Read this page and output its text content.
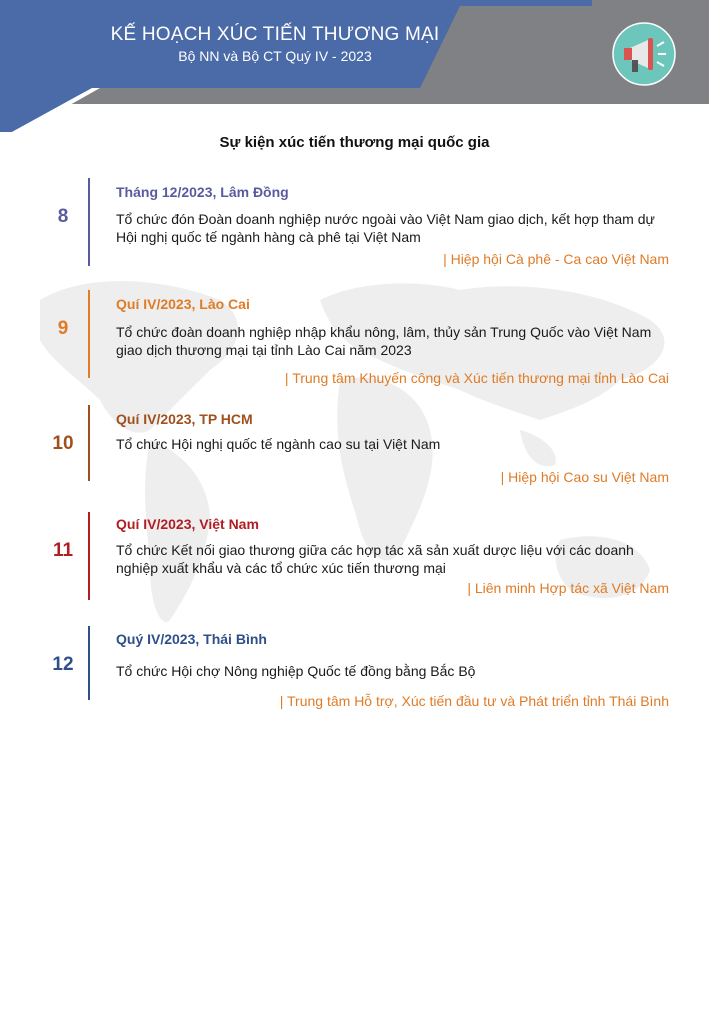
KẾ HOẠCH XÚC TIẾN THƯƠNG MẠI
Bộ NN và Bộ CT Quý IV - 2023
Sự kiện xúc tiến thương mại quốc gia
8
Tháng 12/2023, Lâm Đồng
Tổ chức đón Đoàn doanh nghiệp nước ngoài vào Việt Nam giao dịch, kết hợp tham dự Hội nghị quốc tế ngành hàng cà phê tại Việt Nam
| Hiệp hội Cà phê - Ca cao Việt Nam
9
Quí IV/2023, Lào Cai
Tổ chức đoàn doanh nghiệp nhập khẩu nông, lâm, thủy sản Trung Quốc vào Việt Nam giao dịch thương mại tại tỉnh Lào Cai năm 2023
| Trung tâm Khuyến công và Xúc tiến thương mại tỉnh Lào Cai
10
Quí IV/2023, TP HCM
Tổ chức Hội nghị quốc tế ngành cao su tại Việt Nam
| Hiệp hội Cao su Việt Nam
11
Quí IV/2023, Việt Nam
Tổ chức Kết nối giao thương giữa các hợp tác xã sản xuất dược liệu với các doanh nghiệp xuất khẩu và các tổ chức xúc tiến thương mại
| Liên minh Hợp tác xã Việt Nam
12
Quý IV/2023, Thái Bình
Tổ chức Hội chợ Nông nghiệp Quốc tế đồng bằng Bắc Bộ
| Trung tâm Hỗ trợ, Xúc tiến đầu tư và Phát triển tỉnh Thái Bình
